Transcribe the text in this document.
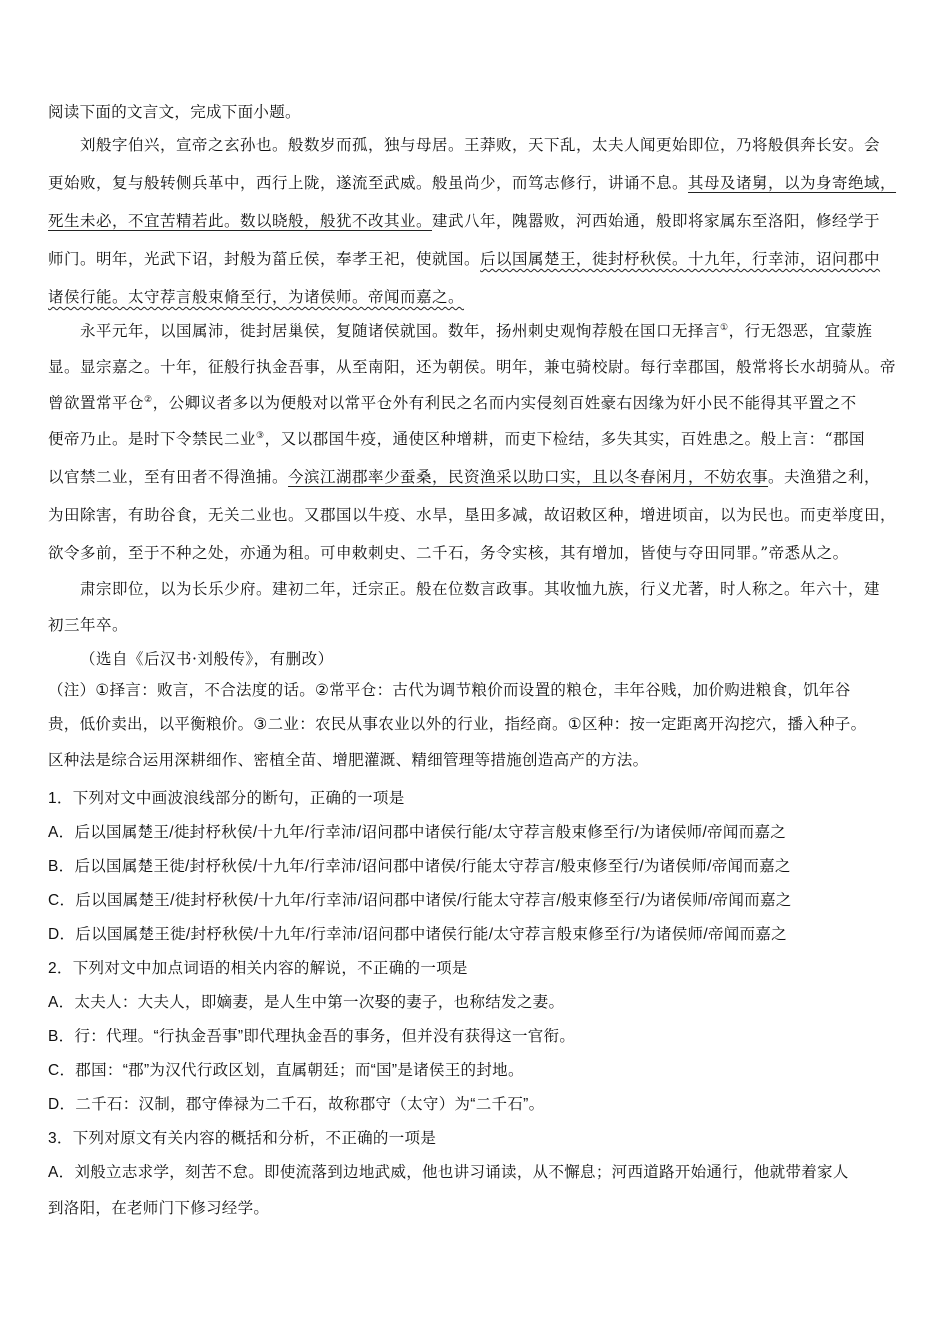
阅读下面的文言文，完成下面小题。
刘般字伯兴，宣帝之玄孙也。般数岁而孤，独与母居。王莽败，天下乱，太夫人闻更始即位，乃将般俱奔长安。会
更始败，复与般转侧兵革中，西行上陇，遂流至武威。般虽尚少，而笃志修行，讲诵不息。其母及诸舅，以为身寄绝域，
死生未必，不宜苦精若此。数以晓般，般犹不改其业。建武八年，隗嚣败，河西始通，般即将家属东至洛阳，修经学于
师门。明年，光武下诏，封般为菑丘侯，奉孝王祀，使就国。后以国属楚王，徙封杼秋侯。十九年，行幸沛，诏问郡中
诸侯行能。太守荐言般束脩至行，为诸侯师。帝闻而嘉之。
永平元年，以国属沛，徙封居巢侯，复随诸侯就国。数年，扬州刺史观恂荐般在国口无择言①，行无怨恶，宜蒙旌
显。显宗嘉之。十年，征般行执金吾事，从至南阳，还为朝侯。明年，兼屯骑校尉。每行幸郡国，般常将长水胡骑从。帝
曾欲置常平仓②，公卿议者多以为便般对以常平仓外有利民之名而内实侵刻百姓豪右因缘为奸小民不能得其平置之不
便帝乃止。是时下令禁民二业③，又以郡国牛疫，通使区种增耕，而吏下检结，多失其实，百姓患之。般上言：“郡国
以官禁二业，至有田者不得渔捕。今滨江湖郡率少蚕桑，民资渔采以助口实，且以冬春闲月，不妨农事。夫渔猎之利，
为田除害，有助谷食，无关二业也。又郡国以牛疫、水旱，垦田多减，故诏敕区种，增进顷亩，以为民也。而吏举度田，
欲令多前，至于不种之处，亦通为租。可申敕刺史、二千石，务令实核，其有增加，皆使与夺田同罪。”帝悉从之。
肃宗即位，以为长乐少府。建初二年，迁宗正。般在位数言政事。其收恤九族，行义尤著，时人称之。年六十，建
初三年卒。
（选自《后汉书·刘般传》，有删改）
（注）①择言：败言，不合法度的话。②常平仓：古代为调节粮价而设置的粮仓，丰年谷贱，加价购进粮食，饥年谷
贵，低价卖出，以平衡粮价。③二业：农民从事农业以外的行业，指经商。①区种：按一定距离开沟挖穴，播入种子。
区种法是综合运用深耕细作、密植全苗、增肥灌溉、精细管理等措施创造高产的方法。
1．下列对文中画波浪线部分的断句，正确的一项是
A．后以国属楚王/徙封杼秋侯/十九年/行幸沛/诏问郡中诸侯行能/太守荐言般束修至行/为诸侯师/帝闻而嘉之
B．后以国属楚王徙/封杼秋侯/十九年/行幸沛/诏问郡中诸侯/行能太守荐言/般束修至行/为诸侯师/帝闻而嘉之
C．后以国属楚王/徙封杼秋侯/十九年/行幸沛/诏问郡中诸侯/行能太守荐言/般束修至行/为诸侯师/帝闻而嘉之
D．后以国属楚王徙/封杼秋侯/十九年/行幸沛/诏问郡中诸侯行能/太守荐言般束修至行/为诸侯师/帝闻而嘉之
2．下列对文中加点词语的相关内容的解说，不正确的一项是
A．太夫人：大夫人，即嫡妻，是人生中第一次娶的妻子，也称结发之妻。
B．行：代理。“行执金吾事”即代理执金吾的事务，但并没有获得这一官衔。
C．郡国：“郡”为汉代行政区划，直属朝廷；而“国”是诸侯王的封地。
D．二千石：汉制，郡守俸禄为二千石，故称郡守（太守）为“二千石”。
3．下列对原文有关内容的概括和分析，不正确的一项是
A．刘般立志求学，刻苦不怠。即使流落到边地武威，他也讲习诵读，从不懈息；河西道路开始通行，他就带着家人
到洛阳，在老师门下修习经学。
